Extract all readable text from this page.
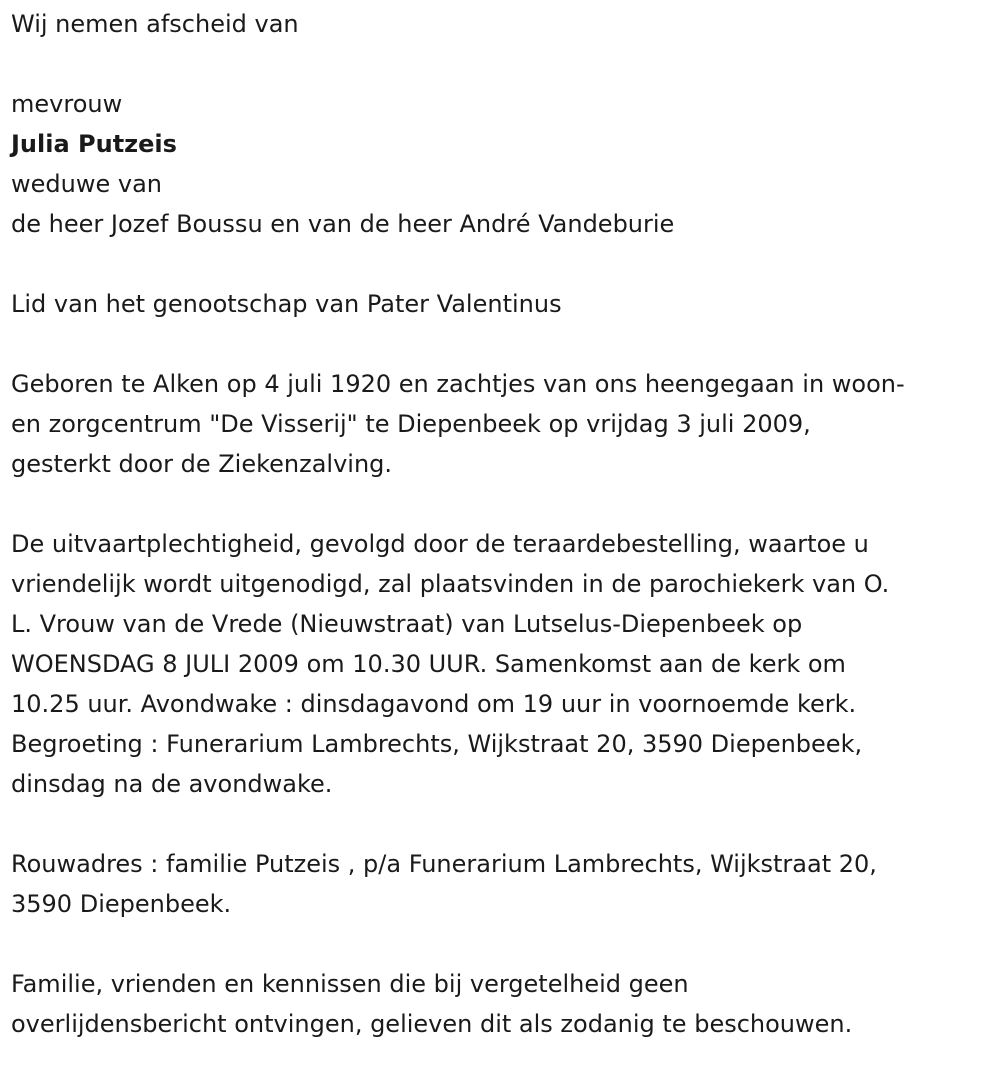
Wij nemen afscheid van

mevrouw

Julia Putzeis

weduwe van

de heer Jozef Boussu en van de heer André Vandeburie

Lid van het genootschap van Pater Valentinus

Geboren te Alken op 4 juli 1920 en zachtjes van ons heengegaan in woon-
en zorgcentrum "De Visserij" te Diepenbeek op vrijdag 3 juli 2009,
gesterkt door de Ziekenzalving.

De uitvaartplechtigheid, gevolgd door de teraardebestelling, waartoe u
vriendelijk wordt uitgenodigd, zal plaatsvinden in de parochiekerk van O.
L. Vrouw van de Vrede (Nieuwstraat) van Lutselus-Diepenbeek op
WOENSDAG 8 JULI 2009 om 10.30 UUR. Samenkomst aan de kerk om
10.25 uur. Avondwake : dinsdagavond om 19 uur in voornoemde kerk.
Begroeting : Funerarium Lambrechts, Wijkstraat 20, 3590 Diepenbeek,
dinsdag na de avondwake.

Rouwadres : familie Putzeis , p/a Funerarium Lambrechts, Wijkstraat 20,
3590 Diepenbeek.

Familie, vrienden en kennissen die bij vergetelheid geen
overlijdensbericht ontvingen, gelieven dit als zodanig te beschouwen.
